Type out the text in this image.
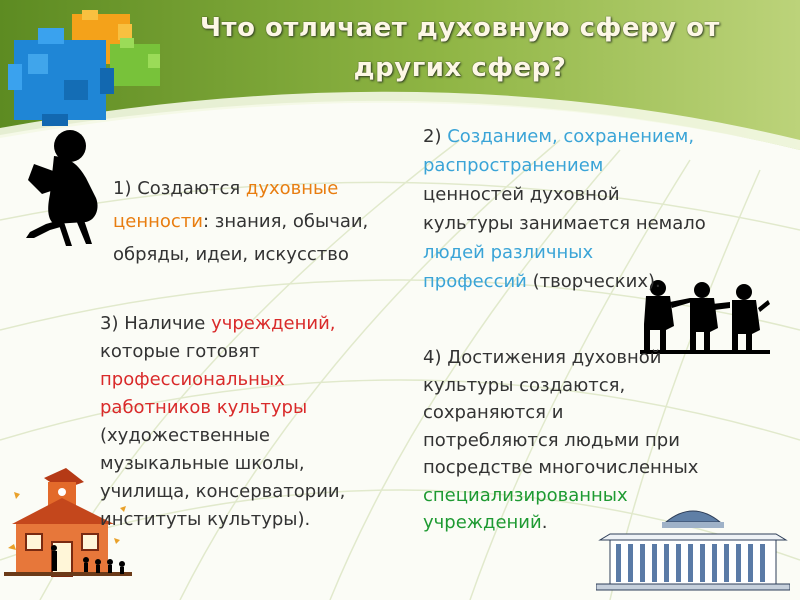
Что отличает духовную сферу от
других сфер?
1) Создаются духовные
ценности: знания, обычаи,
обряды, идеи, искусство
2) Созданием, сохранением,
распространением
ценностей духовной
культуры занимается немало
людей различных
профессий (творческих).
3) Наличие учреждений,
которые готовят
профессиональных
работников культуры
(художественные
музыкальные школы,
училища, консерватории,
институты культуры).
4) Достижения духовной
культуры создаются,
сохраняются и
потребляются людьми при
посредстве многочисленных
специализированных
учреждений.
